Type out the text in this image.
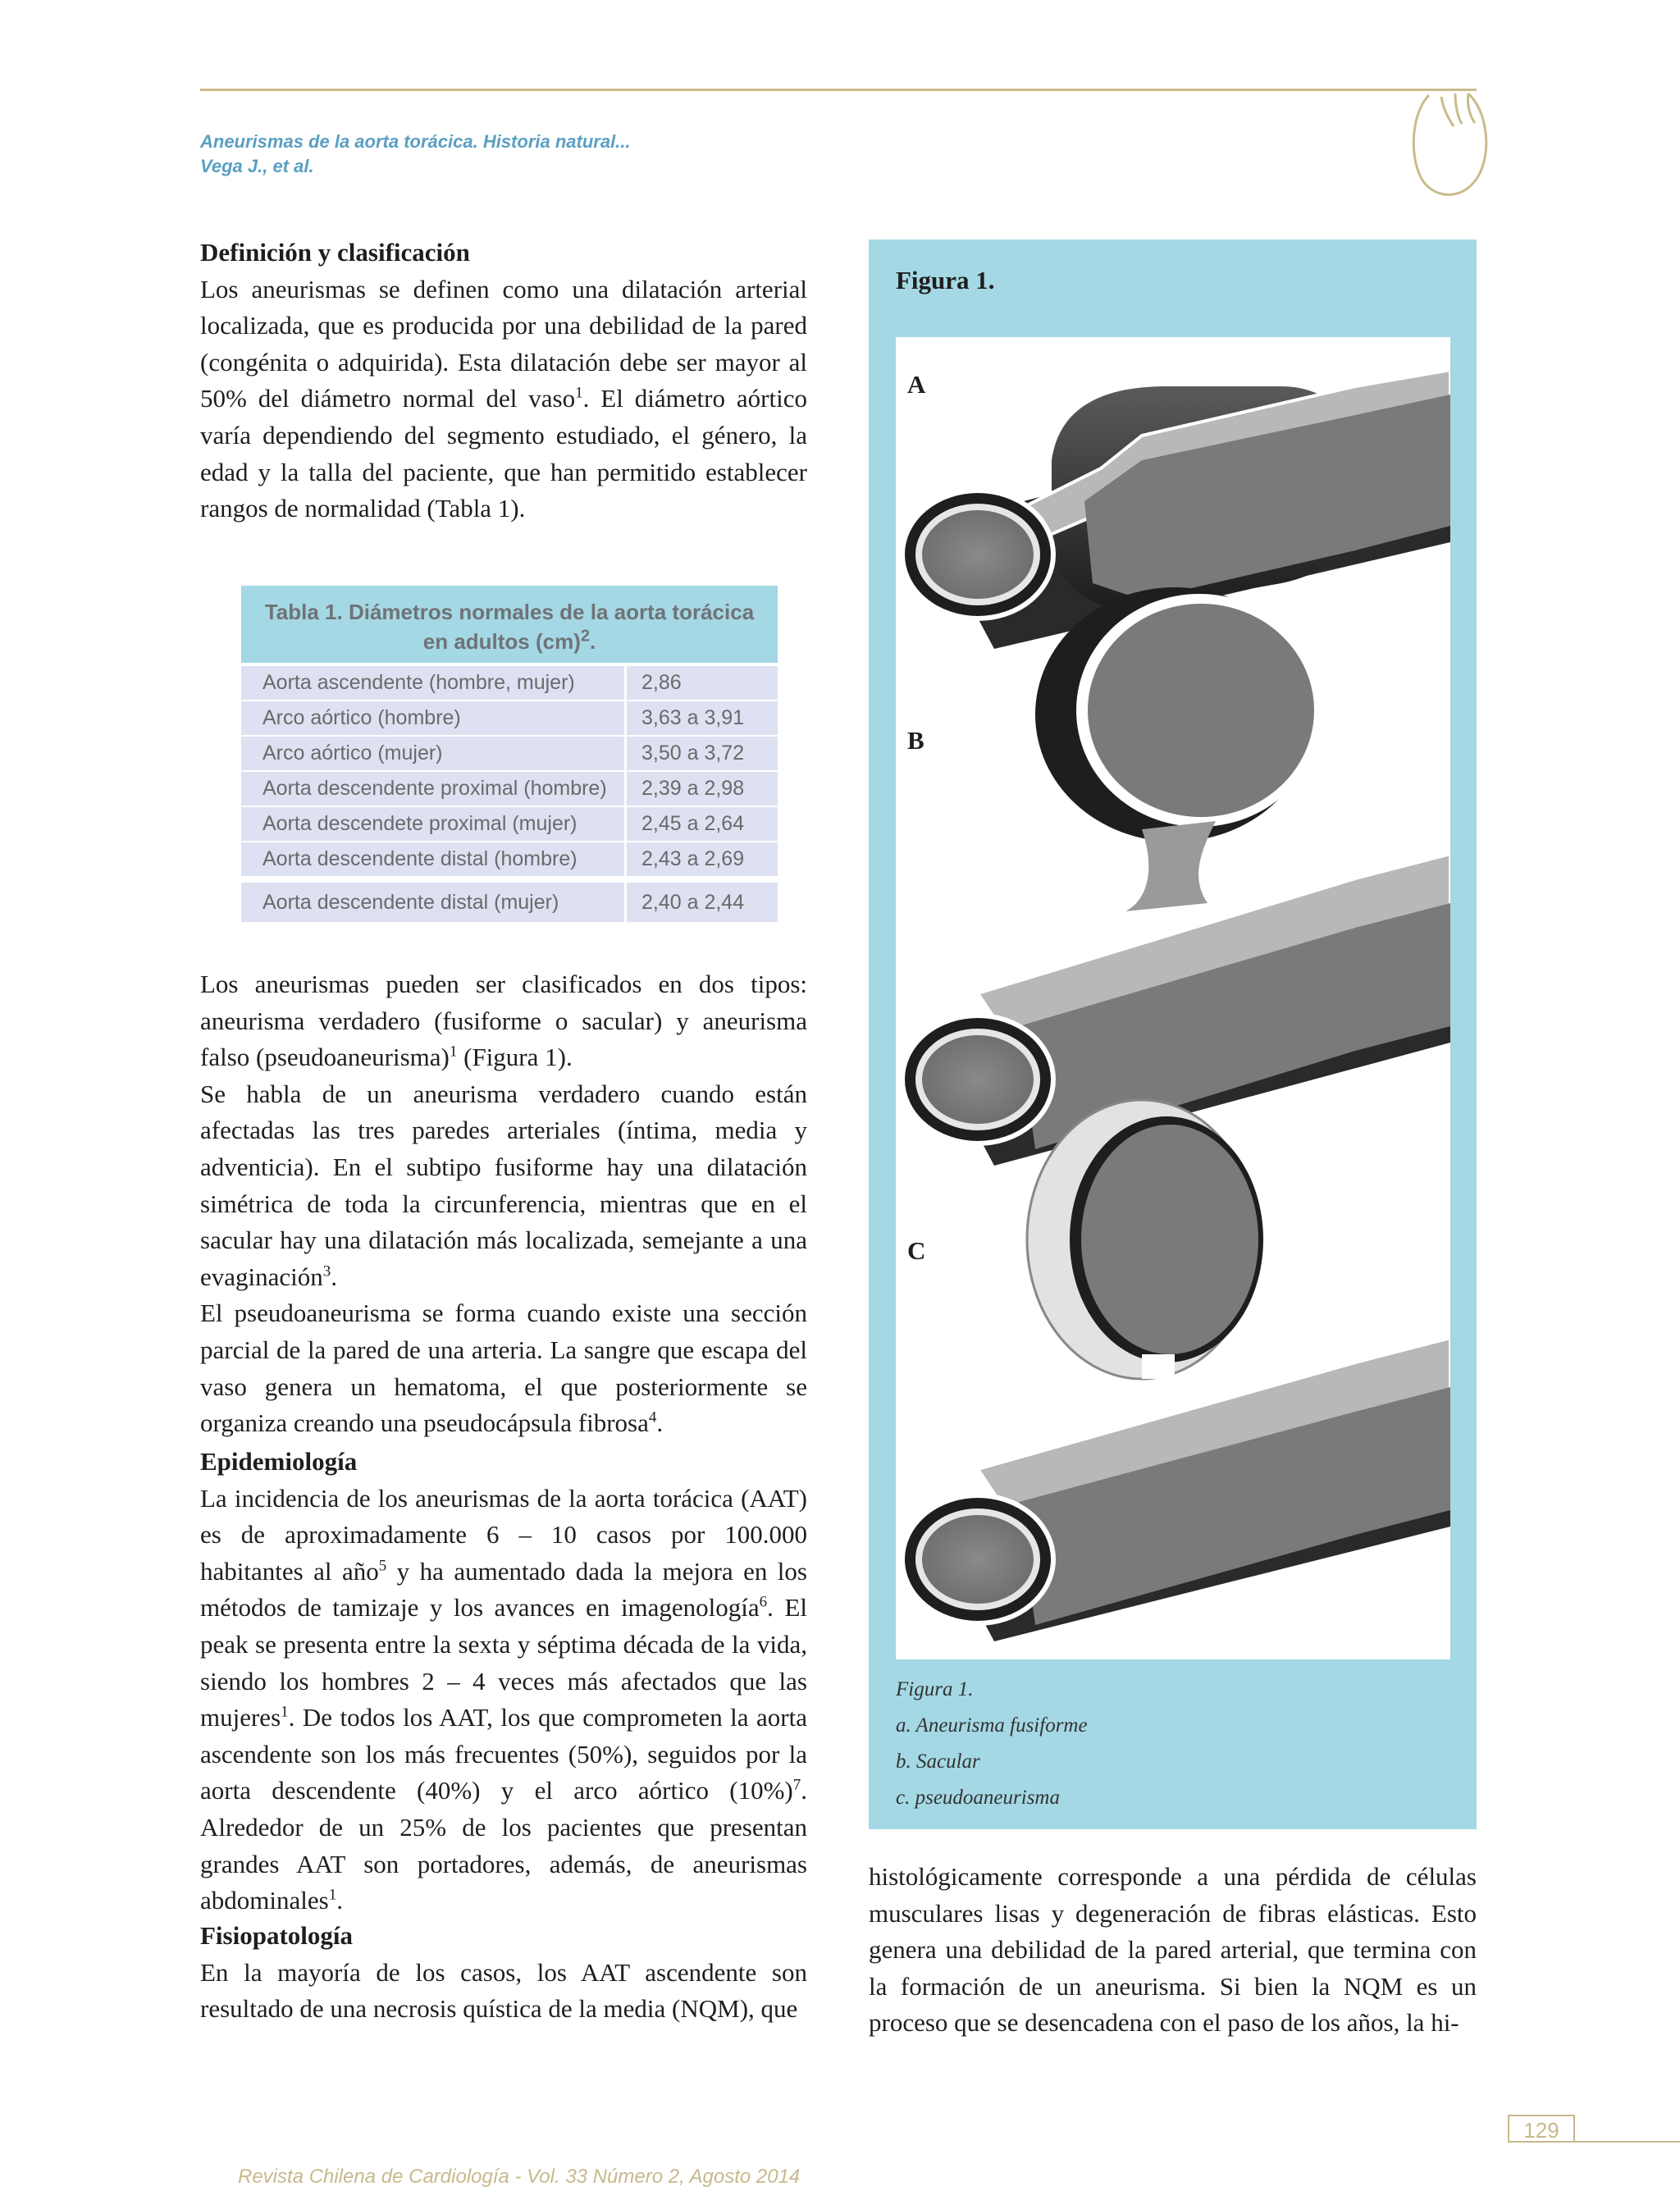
Aneurismas de la aorta torácica. Historia natural...
Vega J., et al.
Definición y clasificación

Los aneurismas se definen como una dilatación arterial localizada, que es producida por una debilidad de la pared (congénita o adquirida). Esta dilatación debe ser mayor al 50% del diámetro normal del vaso$^1$. El diámetro aórtico varía dependiendo del segmento estudiado, el género, la edad y la talla del paciente, que han permitido establecer rangos de normalidad (Tabla 1).

Tabla 1. Diámetros normales de la aorta torácica
en adultos (cm)$^2$.
Aorta ascendente (hombre, mujer)	2,86
Arco aórtico (hombre)	3,63 a 3,91
Arco aórtico (mujer)	3,50 a 3,72
Aorta descendente proximal (hombre)	2,39 a 2,98
Aorta descendete proximal (mujer)	2,45 a 2,64
Aorta descendente distal (hombre)	2,43 a 2,69
Aorta descendente distal (mujer)	2,40 a 2,44

Los aneurismas pueden ser clasificados en dos tipos: aneurisma verdadero (fusiforme o sacular) y aneurisma falso (pseudoaneurisma)$^1$ (Figura 1).

Se habla de un aneurisma verdadero cuando están afectadas las tres paredes arteriales (íntima, media y adventicia). En el subtipo fusiforme hay una dilatación simétrica de toda la circunferencia, mientras que en el sacular hay una dilatación más localizada, semejante a una evaginación$^3$.

El pseudoaneurisma se forma cuando existe una sección parcial de la pared de una arteria. La sangre que escapa del vaso genera un hematoma, el que posteriormente se organiza creando una pseudocápsula fibrosa$^4$.

Epidemiología

La incidencia de los aneurismas de la aorta torácica (AAT) es de aproximadamente 6 – 10 casos por 100.000 habitantes al año$^5$ y ha aumentado dada la mejora en los métodos de tamizaje y los avances en imagenología$^6$. El peak se presenta entre la sexta y séptima década de la vida, siendo los hombres 2 – 4 veces más afectados que las mujeres$^1$. De todos los AAT, los que comprometen la aorta ascendente son los más frecuentes (50%), seguidos por la aorta descendente (40%) y el arco aórtico $(10\%)^7$. Alrededor de un 25% de los pacientes que presentan grandes AAT son portadores, además, de aneurismas abdominales$^1$.

Fisiopatología

En la mayoría de los casos, los AAT ascendente son resultado de una necrosis quística de la media (NQM), que

Figura 1.
A
B
C
Figura 1.
a. Aneurisma fusiforme
b. Sacular
c. pseudoaneurisma

histológicamente corresponde a una pérdida de células musculares lisas y degeneración de fibras elásticas. Esto genera una debilidad de la pared arterial, que termina con la formación de un aneurisma. Si bien la NQM es un proceso que se desencadena con el paso de los años, la hi-

Revista Chilena de Cardiología - Vol. 33 Número 2, Agosto 2014
129
